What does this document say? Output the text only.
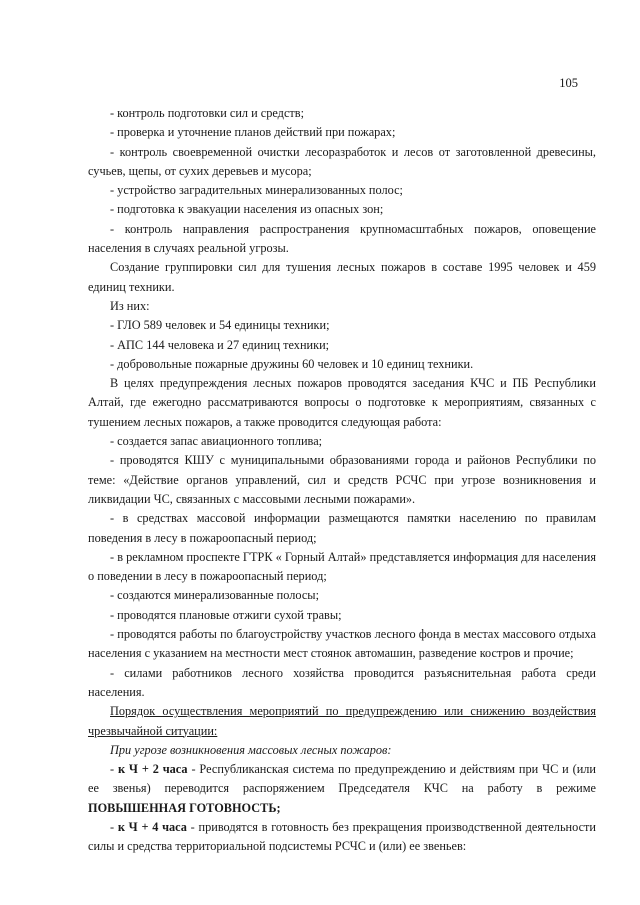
105

- контроль подготовки сил и средств;

- проверка и уточнение планов действий при пожарах;

- контроль своевременной очистки лесоразработок и лесов от заготовленной древесины, сучьев, щепы, от сухих деревьев и мусора;

- устройство заградительных минерализованных полос;

- подготовка к эвакуации населения из опасных зон;

- контроль направления распространения крупномасштабных пожаров, оповещение населения в случаях реальной угрозы.

Создание группировки сил для тушения лесных пожаров в составе 1995 человек и 459 единиц техники.

Из них:

- ГЛО 589 человек и 54 единицы техники;

- АПС 144 человека и 27 единиц техники;

- добровольные пожарные дружины 60 человек и 10 единиц техники.

В целях предупреждения лесных пожаров проводятся заседания КЧС и ПБ Республики Алтай, где ежегодно рассматриваются вопросы о подготовке к мероприятиям, связанных с тушением лесных пожаров, а также проводится следующая работа:

- создается запас авиационного топлива;

- проводятся КШУ с муниципальными образованиями города и районов Республики по теме: «Действие органов управлений, сил и средств РСЧС при угрозе возникновения и ликвидации ЧС, связанных с массовыми лесными пожарами».

- в средствах массовой информации размещаются памятки населению по правилам поведения в лесу в пожароопасный период;

- в рекламном проспекте ГТРК « Горный Алтай» представляется информация для населения о поведении в лесу в пожароопасный период;

- создаются минерализованные полосы;

- проводятся плановые отжиги сухой травы;

- проводятся работы по благоустройству участков лесного фонда в местах массового отдыха населения с указанием на местности мест стоянок автомашин, разведение костров и прочие;

- силами работников лесного хозяйства проводится разъяснительная работа среди населения.

Порядок осуществления мероприятий по предупреждению или снижению воздействия чрезвычайной ситуации:

При угрозе возникновения массовых лесных пожаров:

- к Ч + 2 часа - Республиканская система по предупреждению и действиям при ЧС и (или ее звенья) переводится распоряжением Председателя КЧС на работу в режиме ПОВЫШЕННАЯ ГОТОВНОСТЬ;

- к Ч + 4 часа - приводятся в готовность без прекращения производственной деятельности силы и средства территориальной подсистемы РСЧС и (или) ее звеньев:
